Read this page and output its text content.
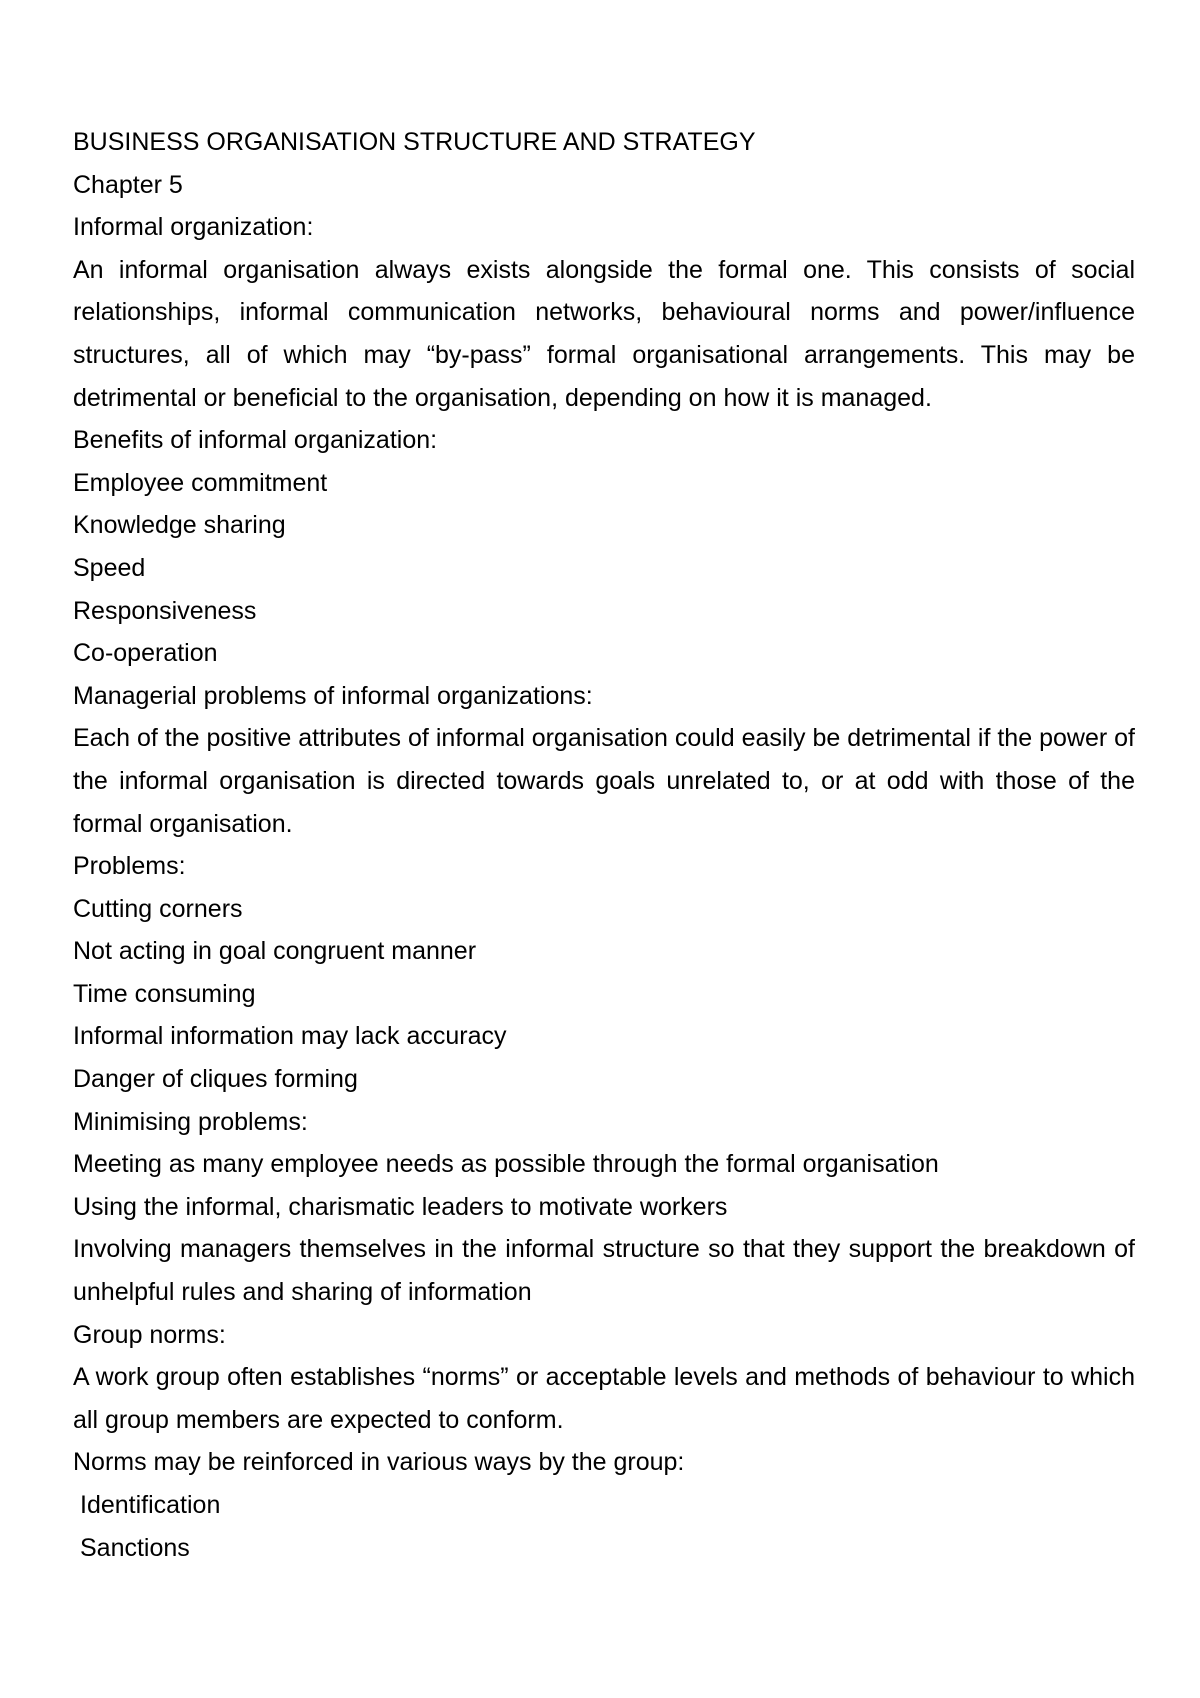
BUSINESS ORGANISATION STRUCTURE AND STRATEGY
Chapter 5
Informal organization:

An informal organisation always exists alongside the formal one. This consists of social relationships, informal communication networks, behavioural norms and power/influence structures, all of which may “by-pass” formal organisational arrangements. This may be detrimental or beneficial to the organisation, depending on how it is managed.

Benefits of informal organization:
Employee commitment
Knowledge sharing
Speed
Responsiveness
Co-operation
Managerial problems of informal organizations:

Each of the positive attributes of informal organisation could easily be detrimental if the power of the informal organisation is directed towards goals unrelated to, or at odd with those of the formal organisation.

Problems:
Cutting corners
Not acting in goal congruent manner
Time consuming
Informal information may lack accuracy
Danger of cliques forming
Minimising problems:
Meeting as many employee needs as possible through the formal organisation
Using the informal, charismatic leaders to motivate workers

Involving managers themselves in the informal structure so that they support the breakdown of unhelpful rules and sharing of information

Group norms:

A work group often establishes “norms” or acceptable levels and methods of behaviour to which all group members are expected to conform.

Norms may be reinforced in various ways by the group:
Identification
Sanctions
